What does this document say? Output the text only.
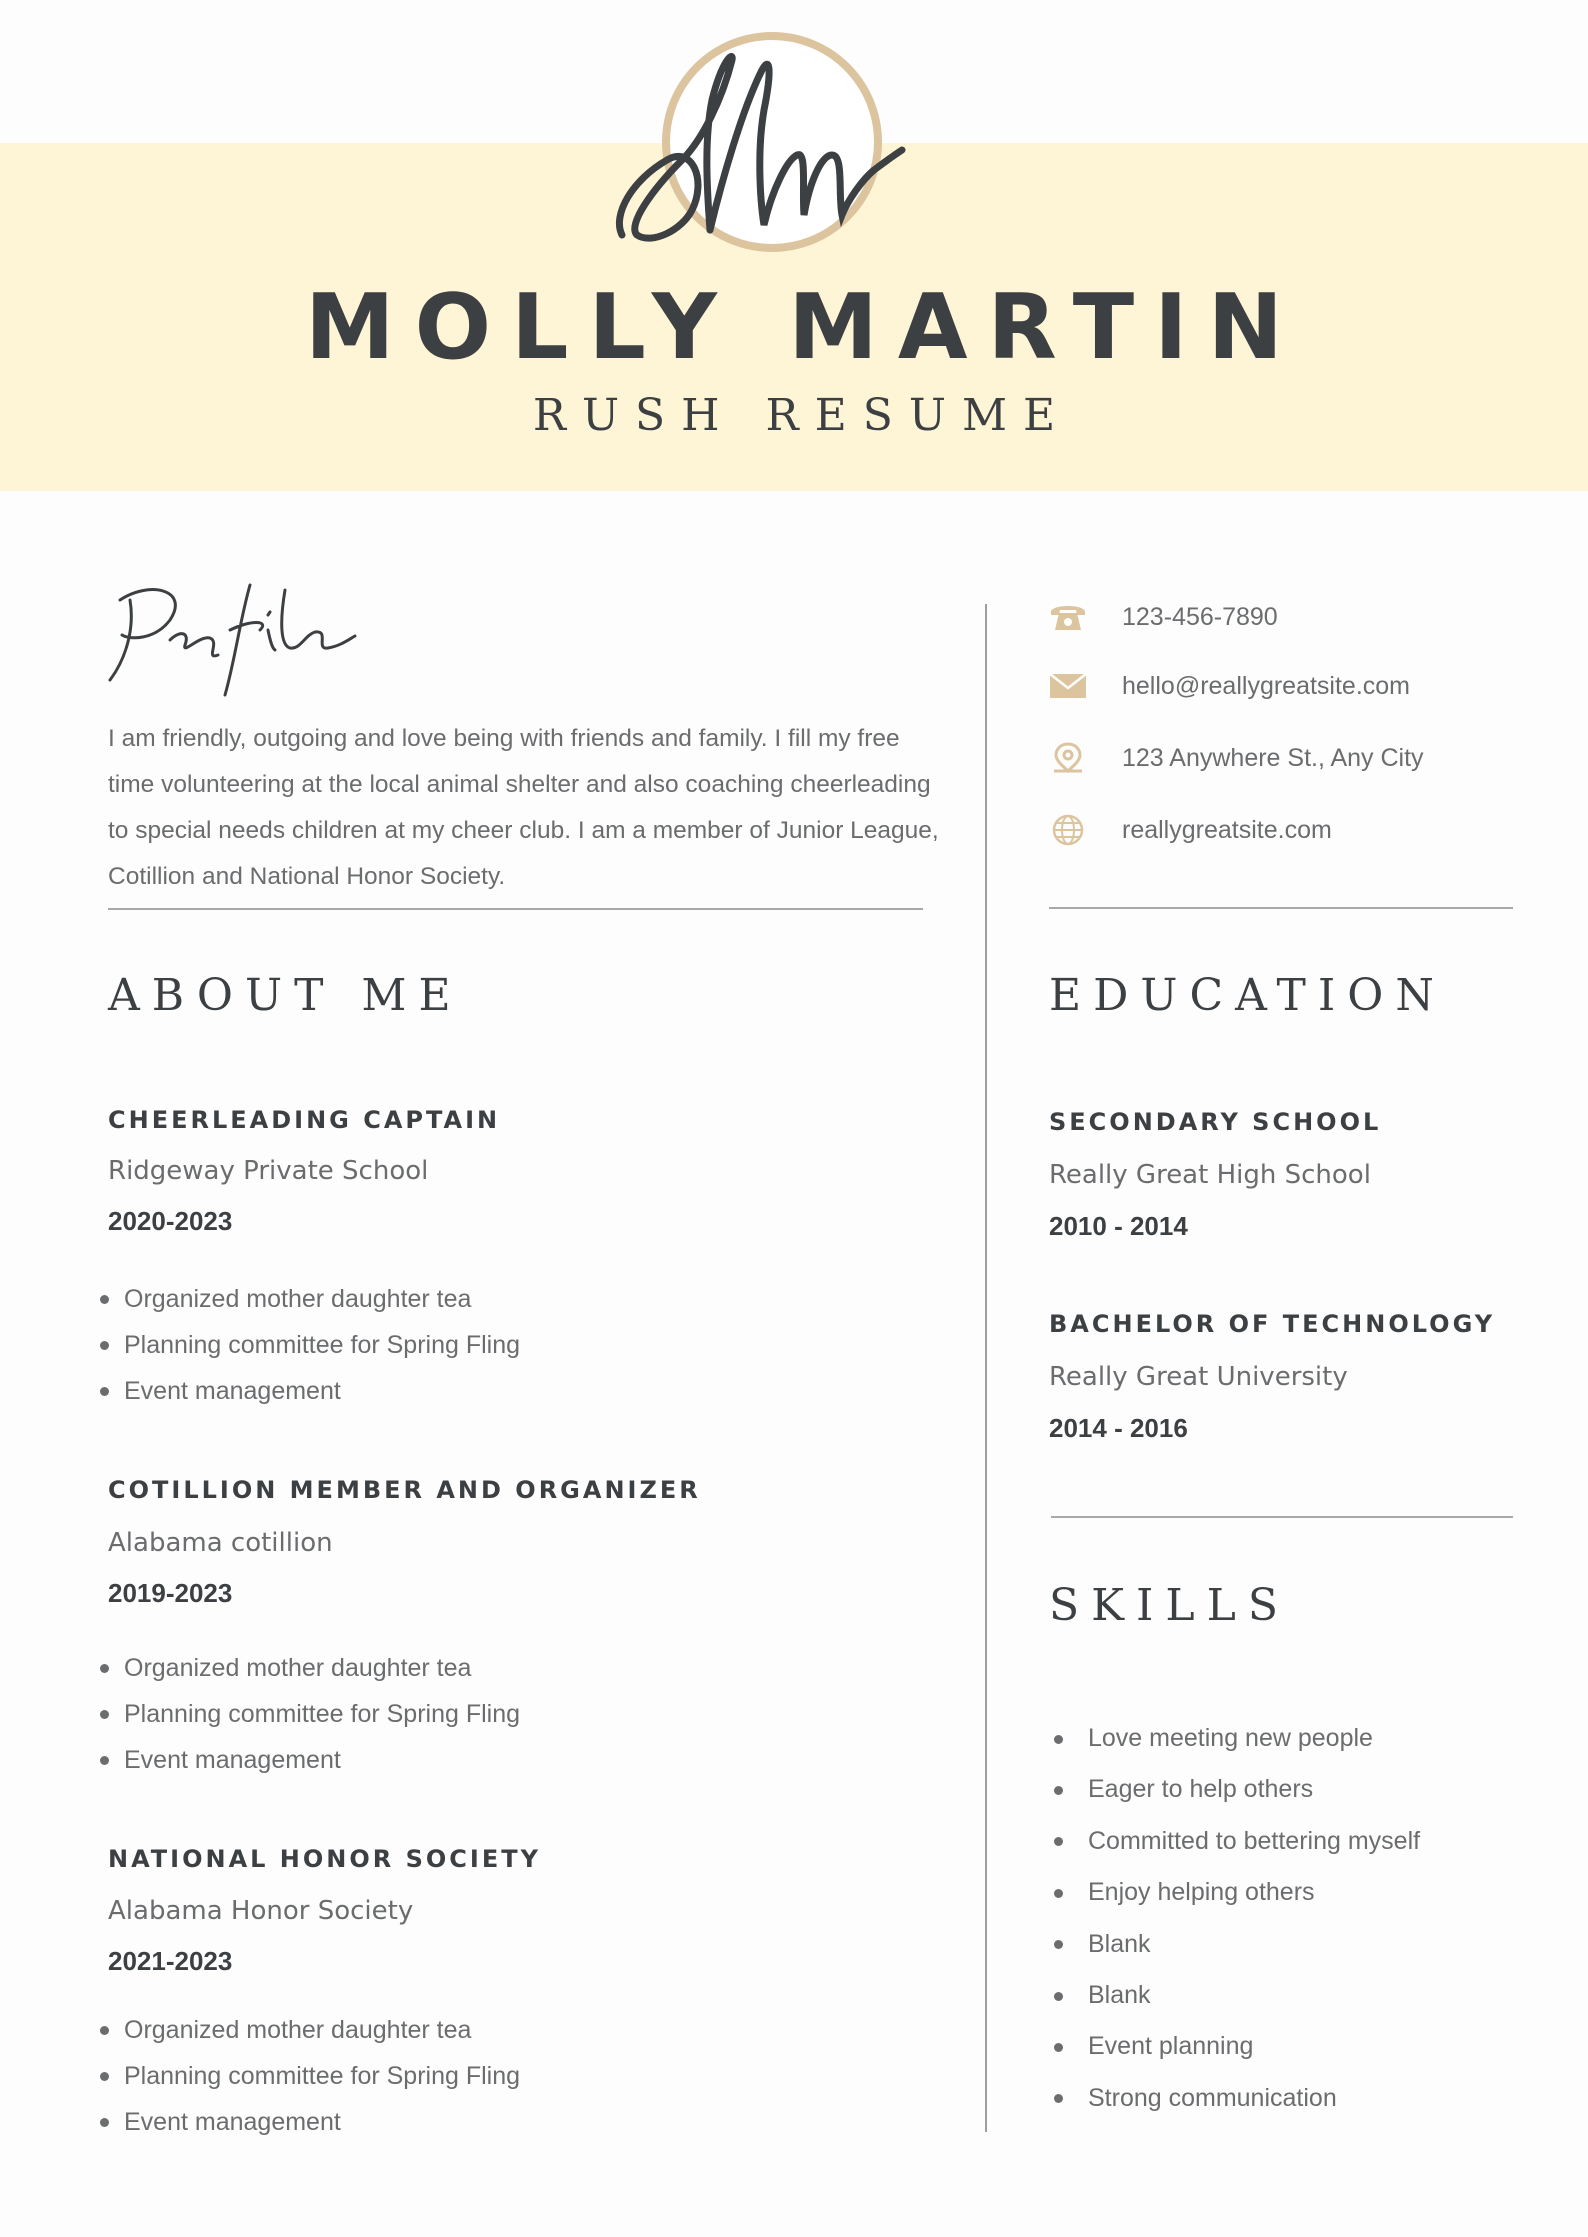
MOLLY MARTIN
RUSH RESUME

I am friendly, outgoing and love being with friends and family. I fill my free time volunteering at the local animal shelter and also coaching cheerleading to special needs children at my cheer club. I am a member of Junior League, Cotillion and National Honor Society.

ABOUT ME
CHEERLEADING CAPTAIN
Ridgeway Private School
2020-2023
Organized mother daughter tea
Planning committee for Spring Fling
Event management
COTILLION MEMBER AND ORGANIZER
Alabama cotillion
2019-2023
Organized mother daughter tea
Planning committee for Spring Fling
Event management
NATIONAL HONOR SOCIETY
Alabama Honor Society
2021-2023
Organized mother daughter tea
Planning committee for Spring Fling
Event management
123-456-7890
hello@reallygreatsite.com
123 Anywhere St., Any City
reallygreatsite.com
EDUCATION
SECONDARY SCHOOL
Really Great High School
2010 - 2014
BACHELOR OF TECHNOLOGY
Really Great University
2014 - 2016
SKILLS
Love meeting new people
Eager to help others
Committed to bettering myself
Enjoy helping others
Blank
Blank
Event planning
Strong communication
